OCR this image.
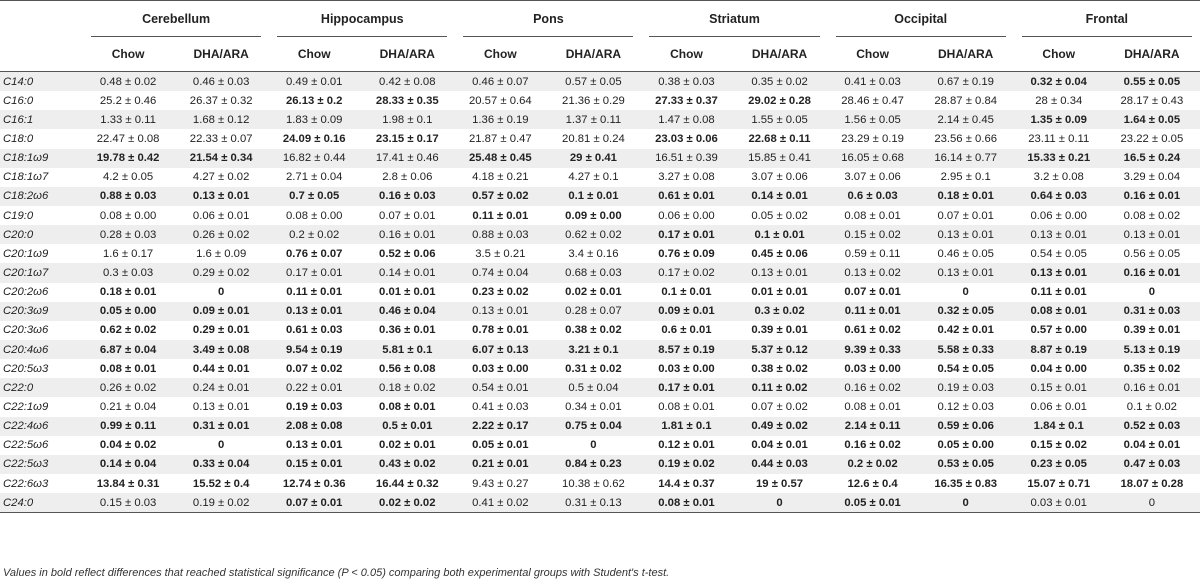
	Cerebellum		Hippocampus		Pons		Striatum		Occipital		Frontal	

	Chow	DHA/ARA	Chow	DHA/ARA	Chow	DHA/ARA	Chow	DHA/ARA	Chow	DHA/ARA	Chow	DHA/ARA
C14:0	0.48 ± 0.02	0.46 ± 0.03	0.49 ± 0.01	0.42 ± 0.08	0.46 ± 0.07	0.57 ± 0.05	0.38 ± 0.03	0.35 ± 0.02	0.41 ± 0.03	0.67 ± 0.19	0.32 ± 0.04	0.55 ± 0.05
C16:0	25.2 ± 0.46	26.37 ± 0.32	26.13 ± 0.2	28.33 ± 0.35	20.57 ± 0.64	21.36 ± 0.29	27.33 ± 0.37	29.02 ± 0.28	28.46 ± 0.47	28.87 ± 0.84	28 ± 0.34	28.17 ± 0.43
C16:1	1.33 ± 0.11	1.68 ± 0.12	1.83 ± 0.09	1.98 ± 0.1	1.36 ± 0.19	1.37 ± 0.11	1.47 ± 0.08	1.55 ± 0.05	1.56 ± 0.05	2.14 ± 0.45	1.35 ± 0.09	1.64 ± 0.05
C18:0	22.47 ± 0.08	22.33 ± 0.07	24.09 ± 0.16	23.15 ± 0.17	21.87 ± 0.47	20.81 ± 0.24	23.03 ± 0.06	22.68 ± 0.11	23.29 ± 0.19	23.56 ± 0.66	23.11 ± 0.11	23.22 ± 0.05
C18:1ω9	19.78 ± 0.42	21.54 ± 0.34	16.82 ± 0.44	17.41 ± 0.46	25.48 ± 0.45	29 ± 0.41	16.51 ± 0.39	15.85 ± 0.41	16.05 ± 0.68	16.14 ± 0.77	15.33 ± 0.21	16.5 ± 0.24
C18:1ω7	4.2 ± 0.05	4.27 ± 0.02	2.71 ± 0.04	2.8 ± 0.06	4.18 ± 0.21	4.27 ± 0.1	3.27 ± 0.08	3.07 ± 0.06	3.07 ± 0.06	2.95 ± 0.1	3.2 ± 0.08	3.29 ± 0.04
C18:2ω6	0.88 ± 0.03	0.13 ± 0.01	0.7 ± 0.05	0.16 ± 0.03	0.57 ± 0.02	0.1 ± 0.01	0.61 ± 0.01	0.14 ± 0.01	0.6 ± 0.03	0.18 ± 0.01	0.64 ± 0.03	0.16 ± 0.01
C19:0	0.08 ± 0.00	0.06 ± 0.01	0.08 ± 0.00	0.07 ± 0.01	0.11 ± 0.01	0.09 ± 0.00	0.06 ± 0.00	0.05 ± 0.02	0.08 ± 0.01	0.07 ± 0.01	0.06 ± 0.00	0.08 ± 0.02
C20:0	0.28 ± 0.03	0.26 ± 0.02	0.2 ± 0.02	0.16 ± 0.01	0.88 ± 0.03	0.62 ± 0.02	0.17 ± 0.01	0.1 ± 0.01	0.15 ± 0.02	0.13 ± 0.01	0.13 ± 0.01	0.13 ± 0.01
C20:1ω9	1.6 ± 0.17	1.6 ± 0.09	0.76 ± 0.07	0.52 ± 0.06	3.5 ± 0.21	3.4 ± 0.16	0.76 ± 0.09	0.45 ± 0.06	0.59 ± 0.11	0.46 ± 0.05	0.54 ± 0.05	0.56 ± 0.05
C20:1ω7	0.3 ± 0.03	0.29 ± 0.02	0.17 ± 0.01	0.14 ± 0.01	0.74 ± 0.04	0.68 ± 0.03	0.17 ± 0.02	0.13 ± 0.01	0.13 ± 0.02	0.13 ± 0.01	0.13 ± 0.01	0.16 ± 0.01
C20:2ω6	0.18 ± 0.01	0	0.11 ± 0.01	0.01 ± 0.01	0.23 ± 0.02	0.02 ± 0.01	0.1 ± 0.01	0.01 ± 0.01	0.07 ± 0.01	0	0.11 ± 0.01	0
C20:3ω9	0.05 ± 0.00	0.09 ± 0.01	0.13 ± 0.01	0.46 ± 0.04	0.13 ± 0.01	0.28 ± 0.07	0.09 ± 0.01	0.3 ± 0.02	0.11 ± 0.01	0.32 ± 0.05	0.08 ± 0.01	0.31 ± 0.03
C20:3ω6	0.62 ± 0.02	0.29 ± 0.01	0.61 ± 0.03	0.36 ± 0.01	0.78 ± 0.01	0.38 ± 0.02	0.6 ± 0.01	0.39 ± 0.01	0.61 ± 0.02	0.42 ± 0.01	0.57 ± 0.00	0.39 ± 0.01
C20:4ω6	6.87 ± 0.04	3.49 ± 0.08	9.54 ± 0.19	5.81 ± 0.1	6.07 ± 0.13	3.21 ± 0.1	8.57 ± 0.19	5.37 ± 0.12	9.39 ± 0.33	5.58 ± 0.33	8.87 ± 0.19	5.13 ± 0.19
C20:5ω3	0.08 ± 0.01	0.44 ± 0.01	0.07 ± 0.02	0.56 ± 0.08	0.03 ± 0.00	0.31 ± 0.02	0.03 ± 0.00	0.38 ± 0.02	0.03 ± 0.00	0.54 ± 0.05	0.04 ± 0.00	0.35 ± 0.02
C22:0	0.26 ± 0.02	0.24 ± 0.01	0.22 ± 0.01	0.18 ± 0.02	0.54 ± 0.01	0.5 ± 0.04	0.17 ± 0.01	0.11 ± 0.02	0.16 ± 0.02	0.19 ± 0.03	0.15 ± 0.01	0.16 ± 0.01
C22:1ω9	0.21 ± 0.04	0.13 ± 0.01	0.19 ± 0.03	0.08 ± 0.01	0.41 ± 0.03	0.34 ± 0.01	0.08 ± 0.01	0.07 ± 0.02	0.08 ± 0.01	0.12 ± 0.03	0.06 ± 0.01	0.1 ± 0.02
C22:4ω6	0.99 ± 0.11	0.31 ± 0.01	2.08 ± 0.08	0.5 ± 0.01	2.22 ± 0.17	0.75 ± 0.04	1.81 ± 0.1	0.49 ± 0.02	2.14 ± 0.11	0.59 ± 0.06	1.84 ± 0.1	0.52 ± 0.03
C22:5ω6	0.04 ± 0.02	0	0.13 ± 0.01	0.02 ± 0.01	0.05 ± 0.01	0	0.12 ± 0.01	0.04 ± 0.01	0.16 ± 0.02	0.05 ± 0.00	0.15 ± 0.02	0.04 ± 0.01
C22:5ω3	0.14 ± 0.04	0.33 ± 0.04	0.15 ± 0.01	0.43 ± 0.02	0.21 ± 0.01	0.84 ± 0.23	0.19 ± 0.02	0.44 ± 0.03	0.2 ± 0.02	0.53 ± 0.05	0.23 ± 0.05	0.47 ± 0.03
C22:6ω3	13.84 ± 0.31	15.52 ± 0.4	12.74 ± 0.36	16.44 ± 0.32	9.43 ± 0.27	10.38 ± 0.62	14.4 ± 0.37	19 ± 0.57	12.6 ± 0.4	16.35 ± 0.83	15.07 ± 0.71	18.07 ± 0.28
C24:0	0.15 ± 0.03	0.19 ± 0.02	0.07 ± 0.01	0.02 ± 0.02	0.41 ± 0.02	0.31 ± 0.13	0.08 ± 0.01	0	0.05 ± 0.01	0	0.03 ± 0.01	0
Values in bold reflect differences that reached statistical significance (P < 0.05) comparing both experimental groups with Student's t-test.
